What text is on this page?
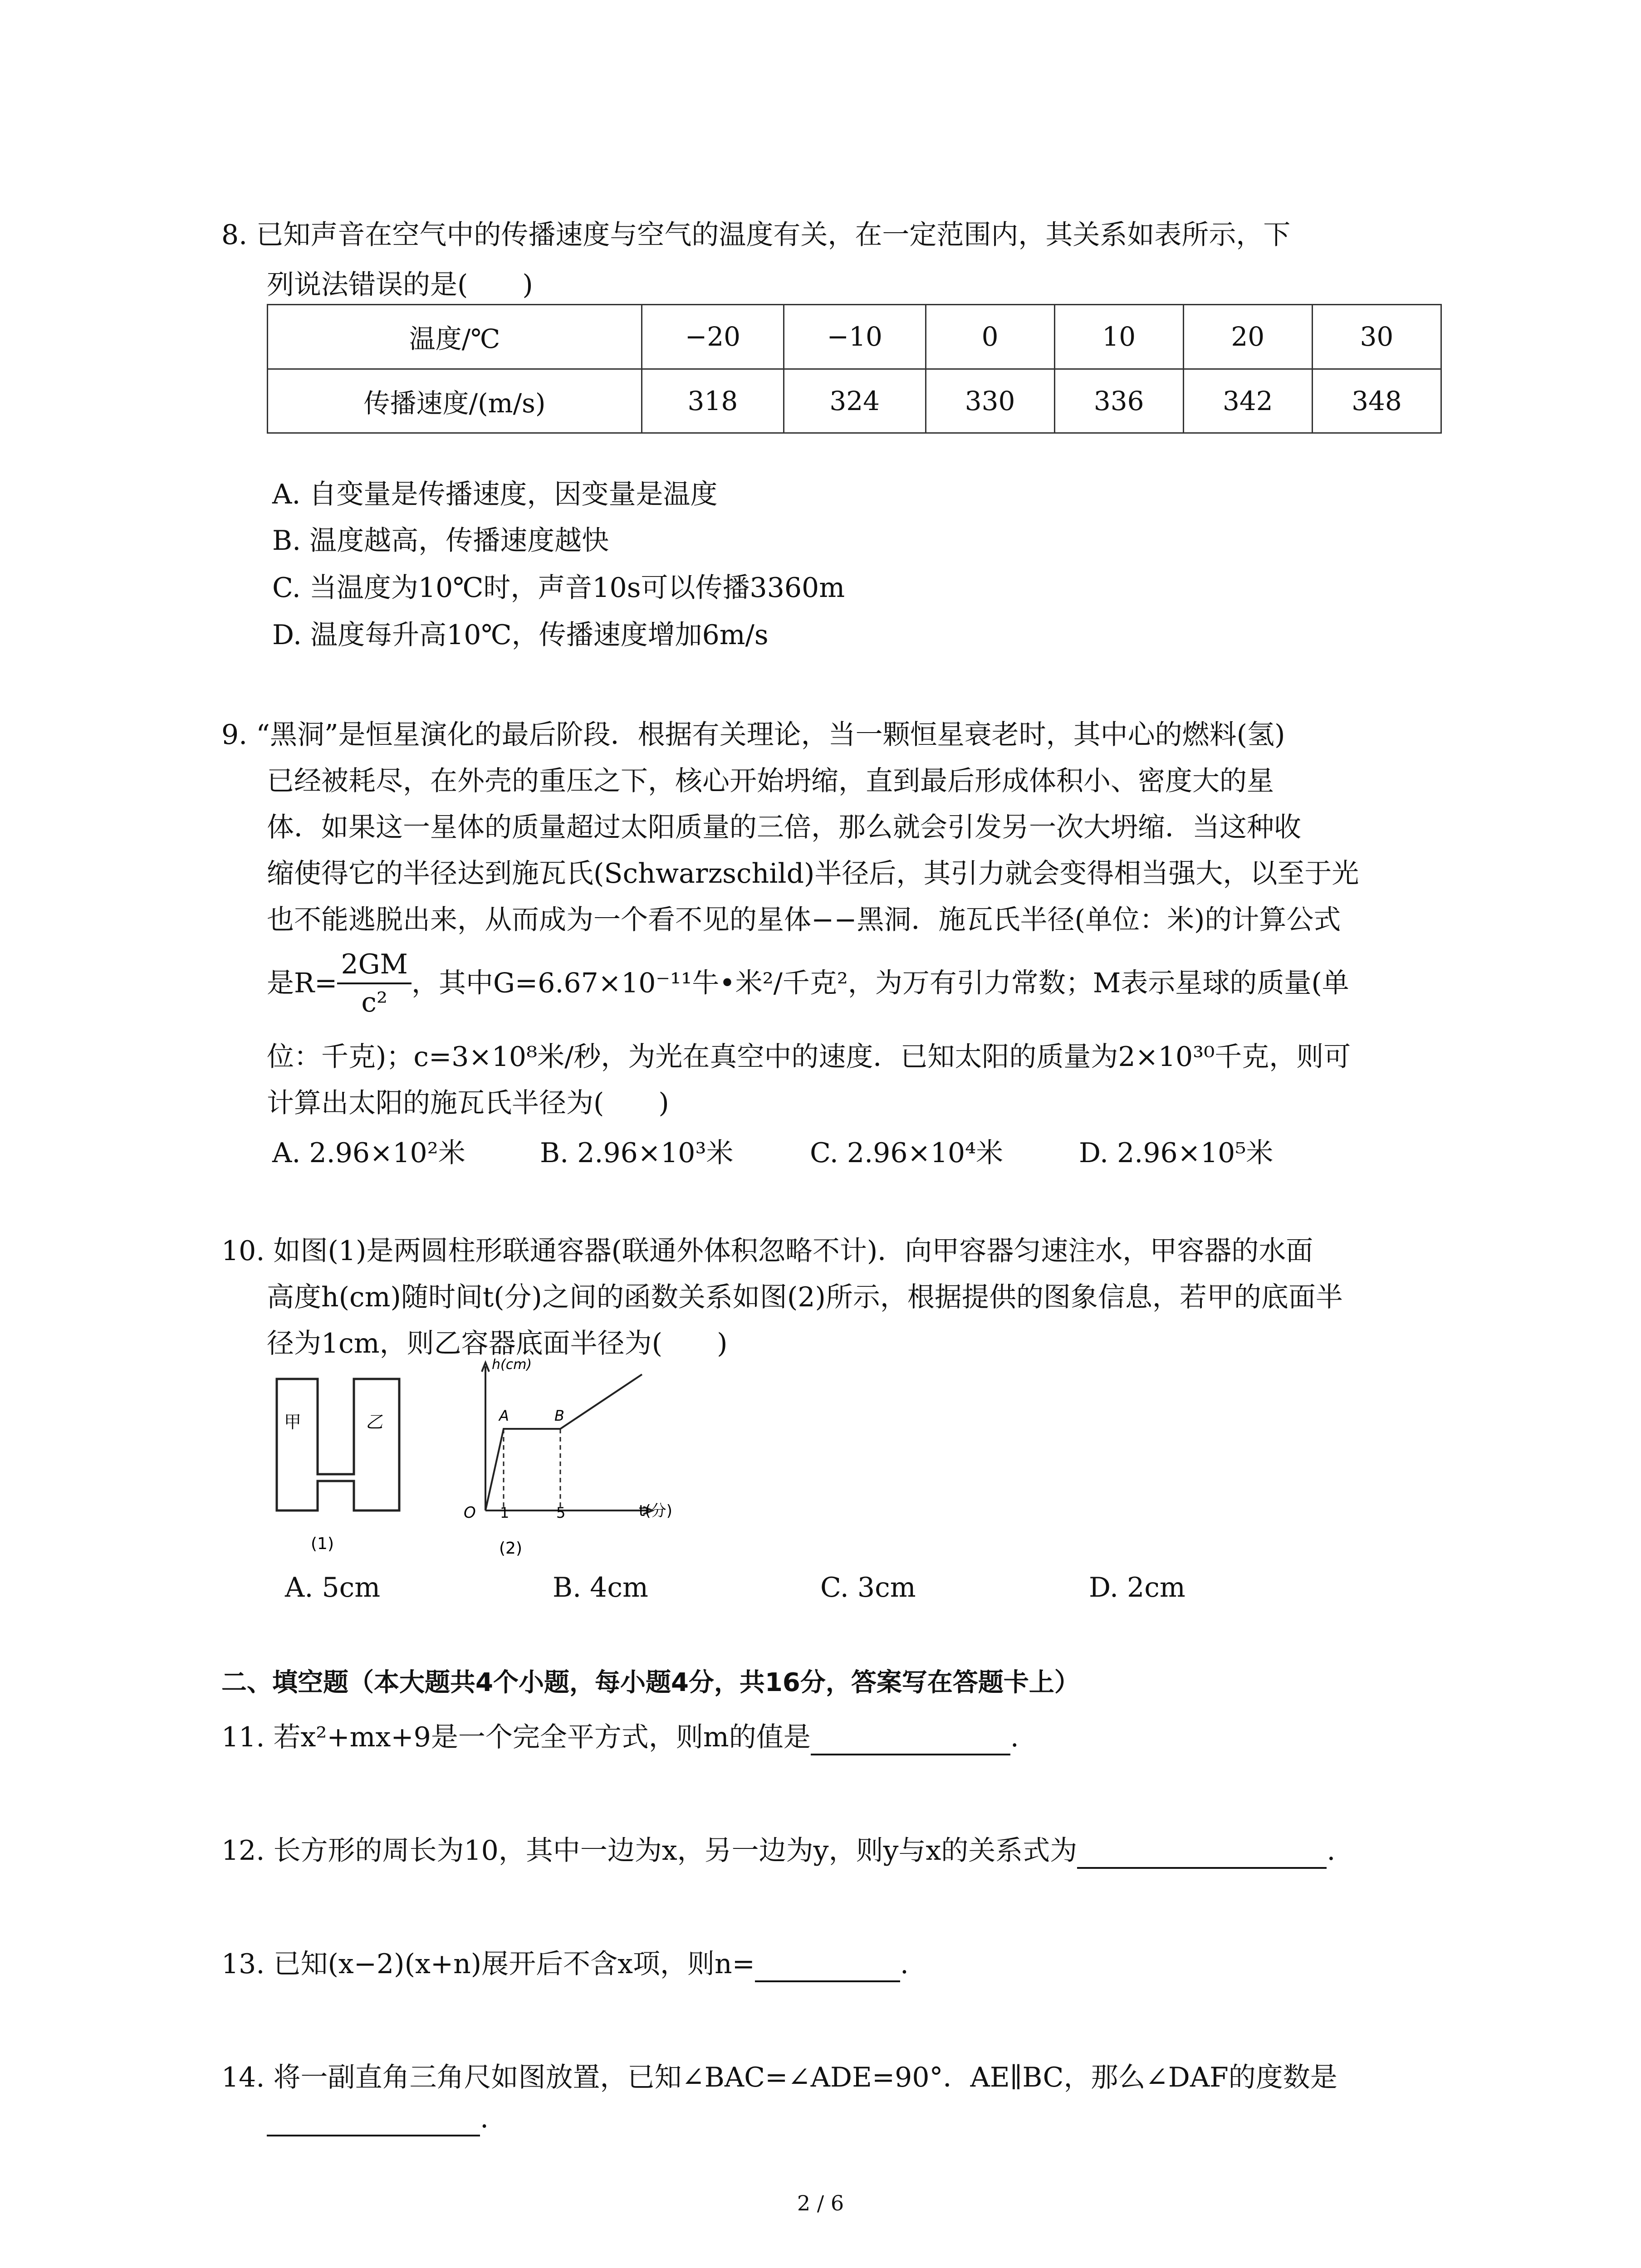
8. 已知声音在空气中的传播速度与空气的温度有关，在一定范围内，其关系如表所示，下
列说法错误的是(　　)
温度/℃	−20	−10	0	10	20	30
传播速度/(m/s)	318	324	330	336	342	348
A. 自变量是传播速度，因变量是温度
B. 温度越高，传播速度越快
C. 当温度为10℃时，声音10s可以传播3360m
D. 温度每升高10℃，传播速度增加6m/s
9. “黑洞”是恒星演化的最后阶段．根据有关理论，当一颗恒星衰老时，其中心的燃料(氢)
已经被耗尽，在外壳的重压之下，核心开始坍缩，直到最后形成体积小、密度大的星
体．如果这一星体的质量超过太阳质量的三倍，那么就会引发另一次大坍缩．当这种收
缩使得它的半径达到施瓦氏(Schwarzschild)半径后，其引力就会变得相当强大，以至于光
也不能逃脱出来，从而成为一个看不见的星体−−黑洞．施瓦氏半径(单位：米)的计算公式
是$R= \frac{2GM}{\text{c²}}$ ，其中G=6.67×10⁻¹¹牛•米²/千克²，为万有引力常数；M表示星球的质量(单
位：千克)；c=3×10⁸米/秒，为光在真空中的速度．已知太阳的质量为2×10³⁰千克，则可
计算出太阳的施瓦氏半径为(　　)
A. 2.96×10²米	B. 2.96×10³米	C. 2.96×10⁴米	D. 2.96×10⁵米
10. 如图(1)是两圆柱形联通容器(联通外体积忽略不计)．向甲容器匀速注水，甲容器的水面
高度h(cm)随时间t(分)之间的函数关系如图(2)所示，根据提供的图象信息，若甲的底面半
径为1cm，则乙容器底面半径为(　　)
甲	乙
(1)
h(cm)
t(分)
O
A	B
1	5
(2)
A. 5cm	B. 4cm	C. 3cm	D. 2cm
二、填空题（本大题共4个小题，每小题4分，共16分，答案写在答题卡上）
11. 若x²+mx+9是一个完全平方式，则m的值是	.
12. 长方形的周长为10，其中一边为x，另一边为y，则y与x的关系式为	.
13. 已知(x−2)(x+n)展开后不含x项，则n=	.
14. 将一副直角三角尺如图放置，已知∠BAC=∠ADE=90°．AE∥BC，那么∠DAF的度数是
.
2 / 6
